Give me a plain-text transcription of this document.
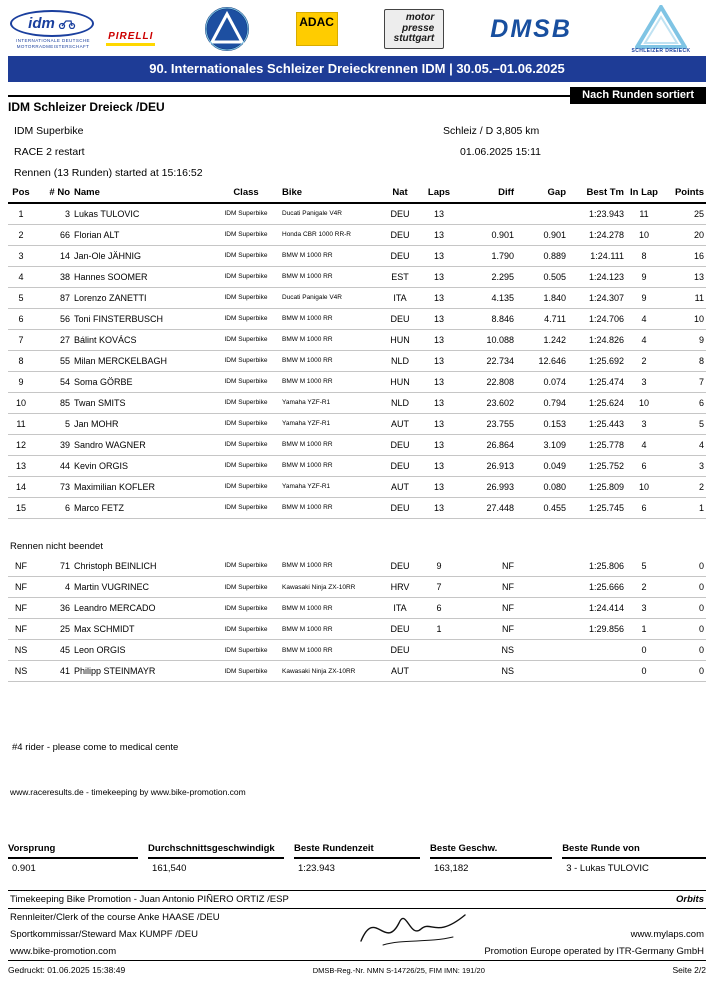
idm
INTERNATIONALE DEUTSCHE
MOTORRADMEISTERSCHAFT
PIRELLI
ADAC	motor
presse
stuttgart DMSB
SCHLEIZER DREIECK
90. Internationales Schleizer Dreieckrennen IDM | 30.05.–01.06.2025
IDM Schleizer Dreieck /DEU
Nach Runden sortiert
IDM Superbike	Schleiz / D 3,805 km
RACE 2 restart	01.06.2025 15:11
Rennen (13 Runden) started at 15:16:52
Pos	# No	Name	Class	Bike	Nat	Laps	Diff	Gap	Best Tm	In Lap	Points
1	3	Lukas TULOVIC	IDM Superbike	Ducati Panigale V4R	DEU	13			1:23.943	11	25
2	66	Florian ALT	IDM Superbike	Honda CBR 1000 RR-R	DEU	13	0.901	0.901	1:24.278	10	20
3	14	Jan-Ole JÄHNIG	IDM Superbike	BMW M 1000 RR	DEU	13	1.790	0.889	1:24.111	8	16
4	38	Hannes SOOMER	IDM Superbike	BMW M 1000 RR	EST	13	2.295	0.505	1:24.123	9	13
5	87	Lorenzo ZANETTI	IDM Superbike	Ducati Panigale V4R	ITA	13	4.135	1.840	1:24.307	9	11
6	56	Toni FINSTERBUSCH	IDM Superbike	BMW M 1000 RR	DEU	13	8.846	4.711	1:24.706	4	10
7	27	Bálint KOVÁCS	IDM Superbike	BMW M 1000 RR	HUN	13	10.088	1.242	1:24.826	4	9
8	55	Milan MERCKELBAGH	IDM Superbike	BMW M 1000 RR	NLD	13	22.734	12.646	1:25.692	2	8
9	54	Soma GÖRBE	IDM Superbike	BMW M 1000 RR	HUN	13	22.808	0.074	1:25.474	3	7
10	85	Twan SMITS	IDM Superbike	Yamaha YZF-R1	NLD	13	23.602	0.794	1:25.624	10	6
11	5	Jan MOHR	IDM Superbike	Yamaha YZF-R1	AUT	13	23.755	0.153	1:25.443	3	5
12	39	Sandro WAGNER	IDM Superbike	BMW M 1000 RR	DEU	13	26.864	3.109	1:25.778	4	4
13	44	Kevin ORGIS	IDM Superbike	BMW M 1000 RR	DEU	13	26.913	0.049	1:25.752	6	3
14	73	Maximilian KOFLER	IDM Superbike	Yamaha YZF-R1	AUT	13	26.993	0.080	1:25.809	10	2
15	6	Marco FETZ	IDM Superbike	BMW M 1000 RR	DEU	13	27.448	0.455	1:25.745	6	1
Rennen nicht beendet
NF	71	Christoph BEINLICH	IDM Superbike	BMW M 1000 RR	DEU	9	NF		1:25.806	5	0
NF	4	Martin VUGRINEC	IDM Superbike	Kawasaki Ninja ZX-10RR	HRV	7	NF		1:25.666	2	0
NF	36	Leandro MERCADO	IDM Superbike	BMW M 1000 RR	ITA	6	NF		1:24.414	3	0
NF	25	Max SCHMIDT	IDM Superbike	BMW M 1000 RR	DEU	1	NF		1:29.856	1	0
NS	45	Leon ORGIS	IDM Superbike	BMW M 1000 RR	DEU		NS			0	0
NS	41	Philipp STEINMAYR	IDM Superbike	Kawasaki Ninja ZX-10RR	AUT		NS			0	0
#4 rider - please come to medical cente
www.raceresults.de - timekeeping by www.bike-promotion.com
Vorsprung
0.901
Durchschnittsgeschwindigk
161,540
Beste Rundenzeit
1:23.943
Beste Geschw.
163,182
Beste Runde von
3 - Lukas TULOVIC
Timekeeping Bike Promotion - Juan Antonio PIÑERO ORTIZ /ESP	Orbits
Rennleiter/Clerk of the course Anke HAASE /DEU
Sportkommissar/Steward Max KUMPF /DEU	www.mylaps.com
www.bike-promotion.com	Promotion Europe operated by ITR-Germany GmbH
Gedruckt: 01.06.2025 15:38:49	DMSB-Reg.-Nr. NMN S-14726/25, FIM IMN: 191/20	Seite 2/2
